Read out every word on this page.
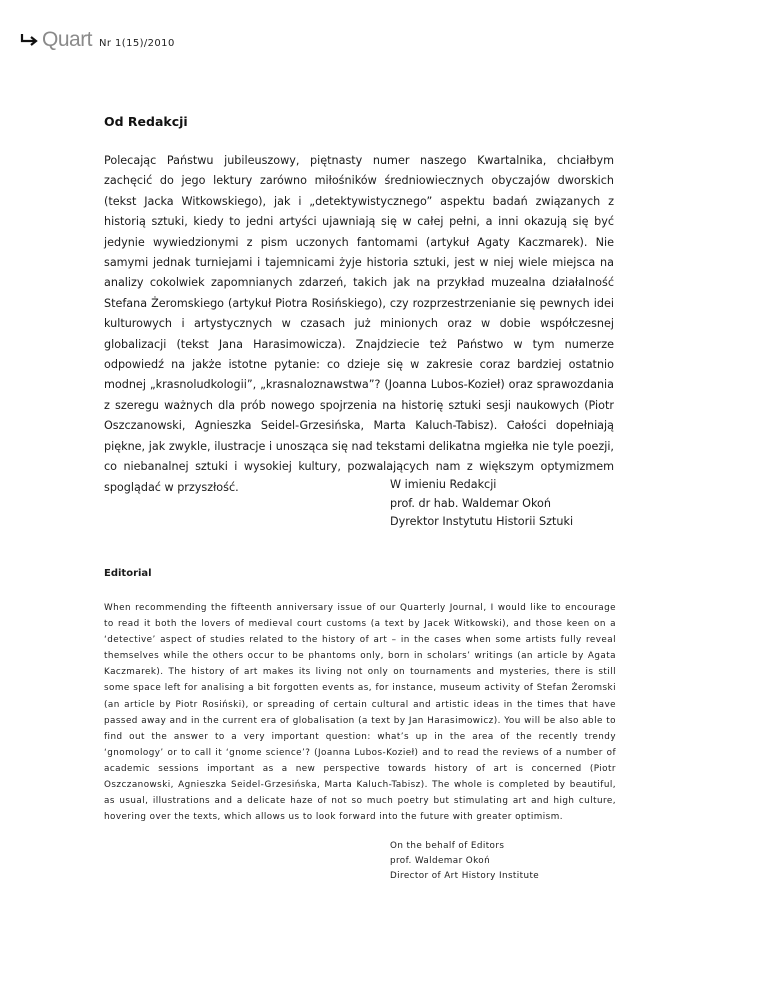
Quart Nr 1(15)/2010
Od Redakcji

Polecając Państwu jubileuszowy, piętnasty numer naszego Kwartalnika, chciałbym zachęcić do jego lektury zarówno miłośników średniowiecznych obyczajów dworskich (tekst Jacka Witkowskiego), jak i „detektywistycznego” aspektu badań związanych z historią sztuki, kiedy to jedni artyści ujawniają się w całej pełni, a inni okazują się być jedynie wywiedzionymi z pism uczonych fantomami (artykuł Agaty Kaczmarek). Nie samymi jednak turniejami i tajemnicami żyje historia sztuki, jest w niej wiele miejsca na analizy cokolwiek zapomnianych zdarzeń, takich jak na przykład muzealna działalność Stefana Żeromskiego (artykuł Piotra Rosińskiego), czy rozprzestrzenianie się pewnych idei kulturowych i artystycznych w czasach już minionych oraz w dobie współczesnej globalizacji (tekst Jana Harasimowicza). Znajdziecie też Państwo w tym numerze odpowiedź na jakże istotne pytanie: co dzieje się w zakresie coraz bardziej ostatnio modnej „krasnoludkologii”, „krasnaloznawstwa”? (Joanna Lubos-Kozieł) oraz sprawozdania z szeregu ważnych dla prób nowego spojrzenia na historię sztuki sesji naukowych (Piotr Oszczanowski, Agnieszka Seidel-Grzesińska, Marta Kaluch-Tabisz). Całości dopełniają piękne, jak zwykle, ilustracje i unosząca się nad tekstami delikatna mgiełka nie tyle poezji, co niebanalnej sztuki i wysokiej kultury, pozwalających nam z większym optymizmem spoglądać w przyszłość.	W imieniu Redakcji
prof. dr hab. Waldemar Okoń
Dyrektor Instytutu Historii Sztuki
Editorial

When recommending the fifteenth anniversary issue of our Quarterly Journal, I would like to encourage to read it both the lovers of medieval court customs (a text by Jacek Witkowski), and those keen on a ‘detective’ aspect of studies related to the history of art – in the cases when some artists fully reveal themselves while the others occur to be phantoms only, born in scholars’ writings (an article by Agata Kaczmarek). The history of art makes its living not only on tournaments and mysteries, there is still some space left for analising a bit forgotten events as, for instance, museum activity of Stefan Żeromski (an article by Piotr Rosiński), or spreading of certain cultural and artistic ideas in the times that have passed away and in the current era of globalisation (a text by Jan Harasimowicz). You will be also able to find out the answer to a very important question: what’s up in the area of the recently trendy ‘gnomology’ or to call it ‘gnome science’? (Joanna Lubos-Kozieł) and to read the reviews of a number of academic sessions important as a new perspective towards history of art is concerned (Piotr Oszczanowski, Agnieszka Seidel-Grzesińska, Marta Kaluch-Tabisz). The whole is completed by beautiful, as usual, illustrations and a delicate haze of not so much poetry but stimulating art and high culture, hovering over the texts, which allows us to look forward into the future with greater optimism.

On the behalf of Editors
prof. Waldemar Okoń
Director of Art History Institute
